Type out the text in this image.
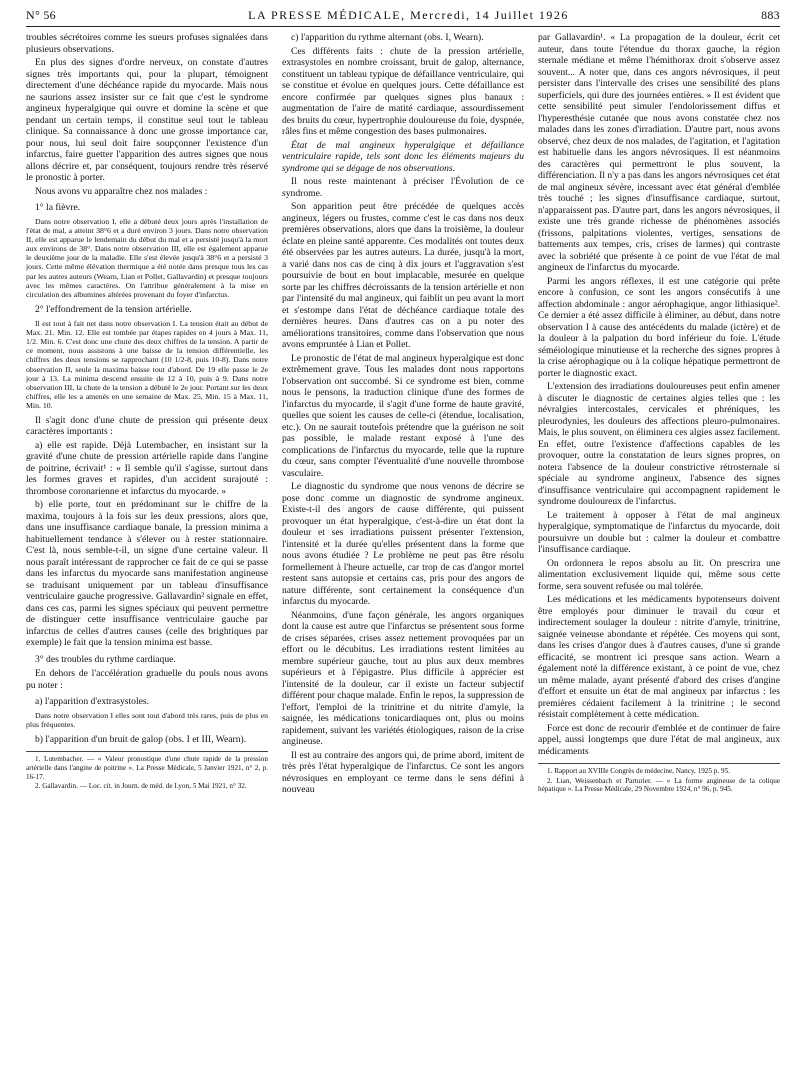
N° 56	LA PRESSE MÉDICALE, Mercredi, 14 Juillet 1926	883

troubles sécrétoires comme les sueurs profuses signalées dans plusieurs observations.

En plus des signes d'ordre nerveux, on constate d'autres signes très importants qui, pour la plupart, témoignent directement d'une déchéance rapide du myocarde. Mais nous ne saurions assez insister sur ce fait que c'est le syndrome angineux hyperalgique qui ouvre et domine la scène et que pendant un certain temps, il constitue seul tout le tableau clinique. Sa connaissance à donc une grosse importance car, pour nous, lui seul doit faire soupçonner l'existence d'un infarctus, faire guetter l'apparition des autres signes que nous allons décrire et, par conséquent, toujours rendre très réservé le pronostic à porter.

Nous avons vu apparaître chez nos malades :

1° la fièvre.

Dans notre observation I, elle a débuté deux jours après l'installation de l'état de mal, a atteint 38°6 et a duré environ 3 jours. Dans notre observation II, elle est apparue le lendemain du début du mal et a persisté jusqu'à la mort aux environs de 38°. Dans notre observation III, elle est également apparue le deuxième jour de la maladie. Elle s'est élevée jusqu'à 38°6 et a persisté 3 jours. Cette même élévation thermique a été notée dans presque tous les cas par les autres auteurs (Wearn, Lian et Pollet, Gallavardin) et presque toujours avec les mêmes caractères. On l'attribue généralement à la mise en circulation des albumines altérées provenant du foyer d'infarctus.

2° l'effondrement de la tension artérielle.

Il est tout à fait net dans notre observation I. La tension était au début de Max. 21. Min. 12. Elle est tombée par étapes rapides en 4 jours à Max. 11, 1/2. Min. 6. C'est donc une chute des deux chiffres de la tension. A partir de ce moment, nous assistons à une baisse de la tension différentielle, les chiffres des deux tensions se rapprochant (10 1/2-8, puis 10-8). Dans notre observation II, seule la maxima baisse tout d'abord. De 19 elle passe le 2e jour à 13. La minima descend ensuite de 12 à 10, puis à 9. Dans notre observation III, la chute de la tension a débuté le 2e jour. Portant sur les deux chiffres, elle les a amenés en une semaine de Max. 25, Min. 15 à Max. 11, Min. 10.

Il s'agit donc d'une chute de pression qui présente deux caractères importants :

a) elle est rapide. Déjà Lutembacher, en insistant sur la gravité d'une chute de pression artérielle rapide dans l'angine de poitrine, écrivait¹ : « Il semble qu'il s'agisse, surtout dans les formes graves et rapides, d'un accident surajouté : thrombose coronarienne et infarctus du myocarde. »

b) elle porte, tout en prédominant sur le chiffre de la maxima, toujours à la fois sur les deux pressions, alors que, dans une insuffisance cardiaque banale, la pression minima a habituellement tendance à s'élever ou à rester stationnaire. C'est là, nous semble-t-il, un signe d'une certaine valeur. Il nous paraît intéressant de rapprocher ce fait de ce qui se passe dans les infarctus du myocarde sans manifestation angineuse se traduisant uniquement par un tableau d'insuffisance ventriculaire gauche progressive. Gallavardin² signale en effet, dans ces cas, parmi les signes spéciaux qui peuvent permettre de distinguer cette insuffisance ventriculaire gauche par infarctus de celles d'autres causes (celle des brightiques par exemple) le fait que la tension minima est basse.

3° des troubles du rythme cardiaque.

En dehors de l'accélération graduelle du pouls nous avons pu noter :

a) l'apparition d'extrasystoles.

Dans notre observation I elles sont tout d'abord très rares, puis de plus en plus fréquentes.

b) l'apparition d'un bruit de galop (obs. I et III, Wearn).

1. Lutembacher. — « Valeur pronostique d'une chute rapide de la pression artérielle dans l'angine de poitrine ». La Presse Médicale, 5 Janvier 1921, n° 2, p. 16-17.

2. Gallavardin. — Loc. cit. in Journ. de méd. de Lyon, 5 Mai 1921, n° 32.

c) l'apparition du rythme alternant (obs. I, Wearn).

Ces différents faits : chute de la pression artérielle, extrasystoles en nombre croissant, bruit de galop, alternance, constituent un tableau typique de défaillance ventriculaire, qui se constitue et évolue en quelques jours. Cette défaillance est encore confirmée par quelques signes plus banaux : augmentation de l'aire de matité cardiaque, assourdissement des bruits du cœur, hypertrophie douloureuse du foie, dyspnée, râles fins et même congestion des bases pulmonaires.

État de mal angineux hyperalgique et défaillance ventriculaire rapide, tels sont donc les éléments majeurs du syndrome qui se dégage de nos observations.

Il nous reste maintenant à préciser l'Évolution de ce syndrome.

Son apparition peut être précédée de quelques accès angineux, légers ou frustes, comme c'est le cas dans nos deux premières observations, alors que dans la troisième, la douleur éclate en pleine santé apparente. Ces modalités ont toutes deux été observées par les autres auteurs. La durée, jusqu'à la mort, a varié dans nos cas de cinq à dix jours et l'aggravation s'est poursuivie de bout en bout implacable, mesurée en quelque sorte par les chiffres décroissants de la tension artérielle et non par l'intensité du mal angineux, qui faiblit un peu avant la mort et s'estompe dans l'état de déchéance cardiaque totale des dernières heures. Dans d'autres cas on a pu noter des améliorations transitoires, comme dans l'observation que nous avons empruntée à Lian et Pollet.

Le pronostic de l'état de mal angineux hyperalgique est donc extrêmement grave. Tous les malades dont nous rapportons l'observation ont succombé. Si ce syndrome est bien, comme nous le pensons, la traduction clinique d'une des formes de l'infarctus du myocarde, il s'agit d'une forme de haute gravité, quelles que soient les causes de celle-ci (étendue, localisation, etc.). On ne saurait toutefois prétendre que la guérison ne soit pas possible, le malade restant exposé à l'une des complications de l'infarctus du myocarde, telle que la rupture du cœur, sans compter l'éventualité d'une nouvelle thrombose vasculaire.

Le diagnostic du syndrome que nous venons de décrire se pose donc comme un diagnostic de syndrome angineux. Existe-t-il des angors de cause différente, qui puissent provoquer un état hyperalgique, c'est-à-dire un état dont la douleur et ses irradiations puissent présenter l'extension, l'intensité et la durée qu'elles présentent dans la forme que nous avons étudiée ? Le problème ne peut pas être résolu formellement à l'heure actuelle, car trop de cas d'angor mortel restent sans autopsie et certains cas, pris pour des angors de nature différente, sont certainement la conséquence d'un infarctus du myocarde.

Néanmoins, d'une façon générale, les angors organiques dont la cause est autre que l'infarctus se présentent sous forme de crises séparées, crises assez nettement provoquées par un effort ou le décubitus. Les irradiations restent limitées au membre supérieur gauche, tout au plus aux deux membres supérieurs et à l'épigastre. Plus difficile à apprécier est l'intensité de la douleur, car il existe un facteur subjectif différent pour chaque malade. Enfin le repos, la suppression de l'effort, l'emploi de la trinitrine et du nitrite d'amyle, la saignée, les médications tonicardiaques ont, plus ou moins rapidement, suivant les variétés étiologiques, raison de la crise angineuse.

Il est au contraire des angors qui, de prime abord, imitent de très près l'état hyperalgique de l'infarctus. Ce sont les angors névrosiques en employant ce terme dans le sens défini à nouveau

par Gallavardin¹. « La propagation de la douleur, écrit cet auteur, dans toute l'étendue du thorax gauche, la région sternale médiane et même l'hémithorax droit s'observe assez souvent... A noter que, dans ces angors névrosiques, il peut persister dans l'intervalle des crises une sensibilité des plans superficiels, qui dure des journées entières. » Il est évident que cette sensibilité peut simuler l'endolorissement diffus et l'hyperesthésie cutanée que nous avons constatée chez nos malades dans les zones d'irradiation. D'autre part, nous avons observé, chez deux de nos malades, de l'agitation, et l'agitation est habituelle dans les angors névrosiques. Il est néanmoins des caractères qui permettront le plus souvent, la différenciation. Il n'y a pas dans les angors névrosiques cet état de mal angineux sévère, incessant avec état général d'emblée très touché ; les signes d'insuffisance cardiaque, surtout, n'apparaissent pas. D'autre part, dans les angors névrosiques, il existe une très grande richesse de phénomènes associés (frissons, palpitations violentes, vertiges, sensations de battements aux tempes, cris, crises de larmes) qui contraste avec la sobriété que présente à ce point de vue l'état de mal angineux de l'infarctus du myocarde.

Parmi les angors réflexes, il est une catégorie qui prête encore à confusion, ce sont les angors consécutifs à une affection abdominale : angor aérophagique, angor lithiasique². Ce dernier a été assez difficile à éliminer, au début, dans notre observation I à cause des antécédents du malade (ictère) et de la douleur à la palpation du bord inférieur du foie. L'étude séméiologique minutieuse et la recherche des signes propres à la crise aérophagique ou à la colique hépatique permettront de porter le diagnostic exact.

L'extension des irradiations douloureuses peut enfin amener à discuter le diagnostic de certaines algies telles que : les névralgies intercostales, cervicales et phréniques, les pleurodynies, les douleurs des affections pleuro-pulmonaires. Mais, le plus souvent, on éliminera ces algies assez facilement. En effet, outre l'existence d'affections capables de les provoquer, outre la constatation de leurs signes propres, on notera l'absence de la douleur constrictive rétrosternale si spéciale au syndrome angineux, l'absence des signes d'insuffisance ventriculaire qui accompagnent rapidement le syndrome douloureux de l'infarctus.

Le traitement à opposer à l'état de mal angineux hyperalgique, symptomatique de l'infarctus du myocarde, doit poursuivre un double but : calmer la douleur et combattre l'insuffisance cardiaque.

On ordonnera le repos absolu au lit. On prescrira une alimentation exclusivement liquide qui, même sous cette forme, sera souvent refusée ou mal tolérée.

Les médications et les médicaments hypotenseurs doivent être employés pour diminuer le travail du cœur et indirectement soulager la douleur : nitrite d'amyle, trinitrine, saignée veineuse abondante et répétée. Ces moyens qui sont, dans les crises d'angor dues à d'autres causes, d'une si grande efficacité, se montrent ici presque sans action. Wearn a également noté la différence existant, à ce point de vue, chez un même malade, ayant présenté d'abord des crises d'angine d'effort et ensuite un état de mal angineux par infarctus : les premières cédaient facilement à la trinitrine ; le second résistait complètement à cette médication.

Force est donc de recourir d'emblée et de continuer de faire appel, aussi longtemps que dure l'état de mal angineux, aux médicaments

1. Rapport au XVIIIe Congrès de médecine, Nancy, 1925 p. 95.

2. Lian, Weissenbach et Parturier. — « La forme angineuse de la colique hépatique ». La Presse Médicale, 29 Novembre 1924, n° 96, p. 945.
